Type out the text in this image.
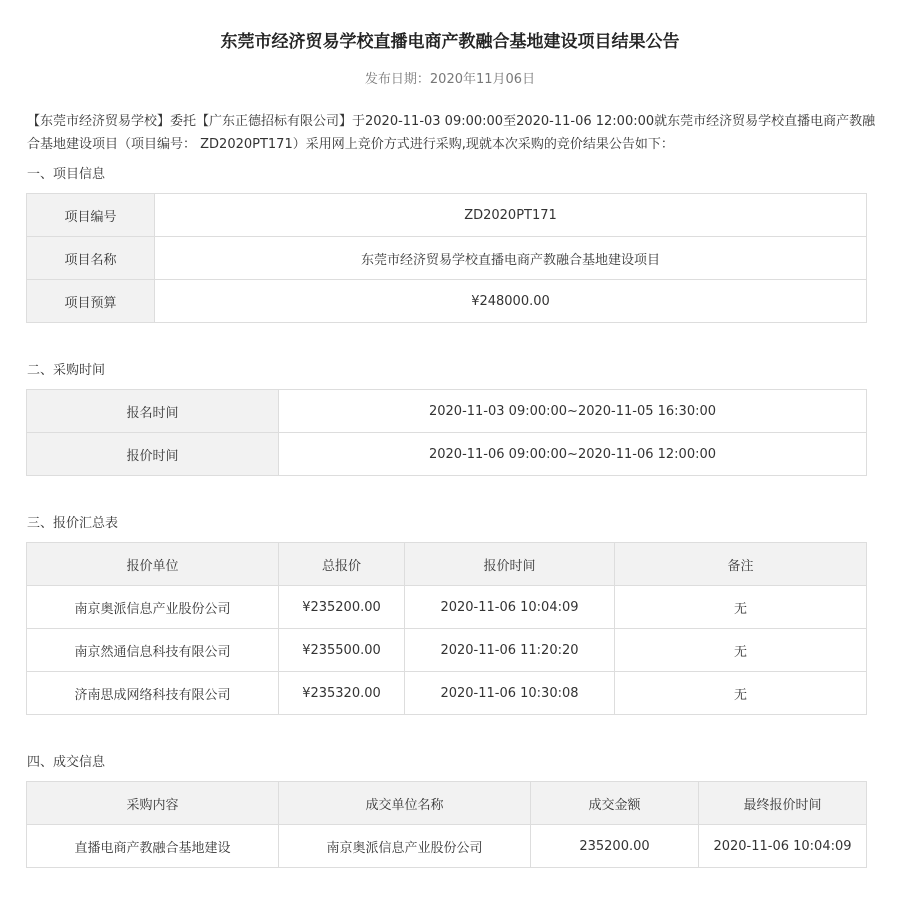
东莞市经济贸易学校直播电商产教融合基地建设项目结果公告
发布日期：2020年11月06日
【东莞市经济贸易学校】委托【广东正德招标有限公司】于2020-11-03 09:00:00至2020-11-06 12:00:00就东莞市经济贸易学校直播电商产教融合基地建设项目（项目编号： ZD2020PT171）采用网上竞价方式进行采购,现就本次采购的竞价结果公告如下：
一、项目信息
项目编号	ZD2020PT171
项目名称	东莞市经济贸易学校直播电商产教融合基地建设项目
项目预算	¥248000.00
二、采购时间
报名时间	2020-11-03 09:00:00~2020-11-05 16:30:00
报价时间	2020-11-06 09:00:00~2020-11-06 12:00:00
三、报价汇总表
报价单位	总报价	报价时间	备注
南京奥派信息产业股份公司	¥235200.00	2020-11-06 10:04:09	无
南京然通信息科技有限公司	¥235500.00	2020-11-06 11:20:20	无
济南思成网络科技有限公司	¥235320.00	2020-11-06 10:30:08	无
四、成交信息
采购内容	成交单位名称	成交金额	最终报价时间
直播电商产教融合基地建设	南京奥派信息产业股份公司	235200.00	2020-11-06 10:04:09
